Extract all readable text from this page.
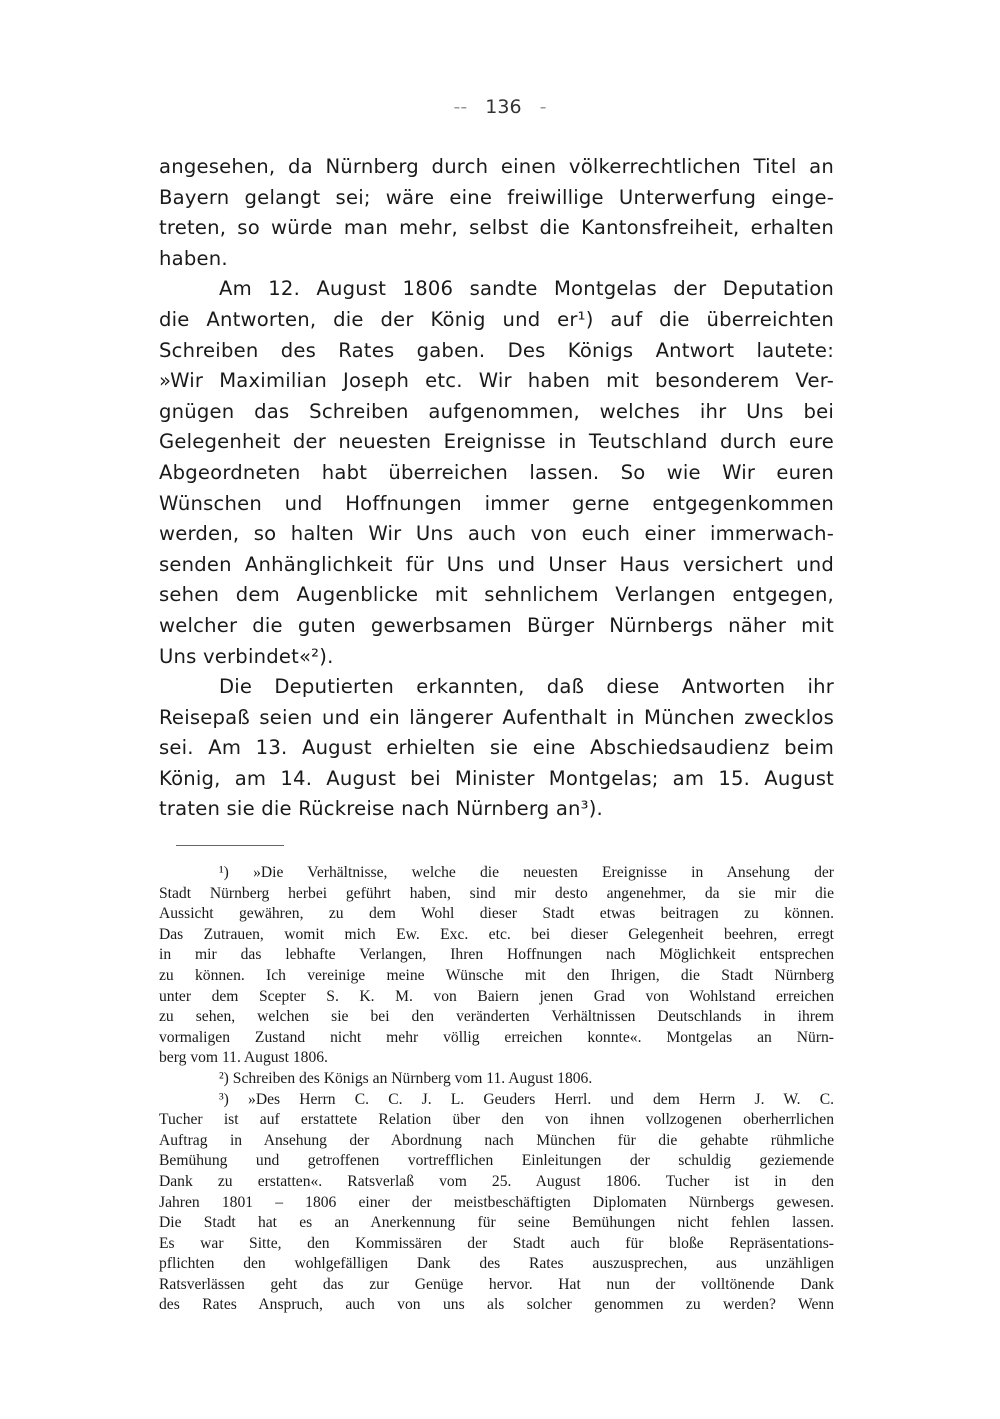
-- 136 -
angesehen, da Nürnberg durch einen völkerrechtlichen Titel an
Bayern gelangt sei; wäre eine freiwillige Unterwerfung einge-
treten, so würde man mehr, selbst die Kantonsfreiheit, erhalten
haben.
Am 12. August 1806 sandte Montgelas der Deputation
die Antworten, die der König und er¹) auf die überreichten
Schreiben des Rates gaben. Des Königs Antwort lautete:
»Wir Maximilian Joseph etc. Wir haben mit besonderem Ver-
gnügen das Schreiben aufgenommen, welches ihr Uns bei
Gelegenheit der neuesten Ereignisse in Teutschland durch eure
Abgeordneten habt überreichen lassen. So wie Wir euren
Wünschen und Hoffnungen immer gerne entgegenkommen
werden, so halten Wir Uns auch von euch einer immerwach-
senden Anhänglichkeit für Uns und Unser Haus versichert und
sehen dem Augenblicke mit sehnlichem Verlangen entgegen,
welcher die guten gewerbsamen Bürger Nürnbergs näher mit
Uns verbindet«²).
Die Deputierten erkannten, daß diese Antworten ihr
Reisepaß seien und ein längerer Aufenthalt in München zwecklos
sei. Am 13. August erhielten sie eine Abschiedsaudienz beim
König, am 14. August bei Minister Montgelas; am 15. August
traten sie die Rückreise nach Nürnberg an³).
¹) »Die Verhältnisse, welche die neuesten Ereignisse in Ansehung der
Stadt Nürnberg herbei geführt haben, sind mir desto angenehmer, da sie mir die
Aussicht gewähren, zu dem Wohl dieser Stadt etwas beitragen zu können.
Das Zutrauen, womit mich Ew. Exc. etc. bei dieser Gelegenheit beehren, erregt
in mir das lebhafte Verlangen, Ihren Hoffnungen nach Möglichkeit entsprechen
zu können. Ich vereinige meine Wünsche mit den Ihrigen, die Stadt Nürnberg
unter dem Scepter S. K. M. von Baiern jenen Grad von Wohlstand erreichen
zu sehen, welchen sie bei den veränderten Verhältnissen Deutschlands in ihrem
vormaligen Zustand nicht mehr völlig erreichen konnte«. Montgelas an Nürn-
berg vom 11. August 1806.
²) Schreiben des Königs an Nürnberg vom 11. August 1806.
³) »Des Herrn C. C. J. L. Geuders Herrl. und dem Herrn J. W. C.
Tucher ist auf erstattete Relation über den von ihnen vollzogenen oberherrlichen
Auftrag in Ansehung der Abordnung nach München für die gehabte rühmliche
Bemühung und getroffenen vortrefflichen Einleitungen der schuldig geziemende
Dank zu erstatten«. Ratsverlaß vom 25. August 1806. Tucher ist in den
Jahren 1801 – 1806 einer der meistbeschäftigten Diplomaten Nürnbergs gewesen.
Die Stadt hat es an Anerkennung für seine Bemühungen nicht fehlen lassen.
Es war Sitte, den Kommissären der Stadt auch für bloße Repräsentations-
pflichten den wohlgefälligen Dank des Rates auszusprechen, aus unzähligen
Ratsverlässen geht das zur Genüge hervor. Hat nun der volltönende Dank
des Rates Anspruch, auch von uns als solcher genommen zu werden? Wenn
